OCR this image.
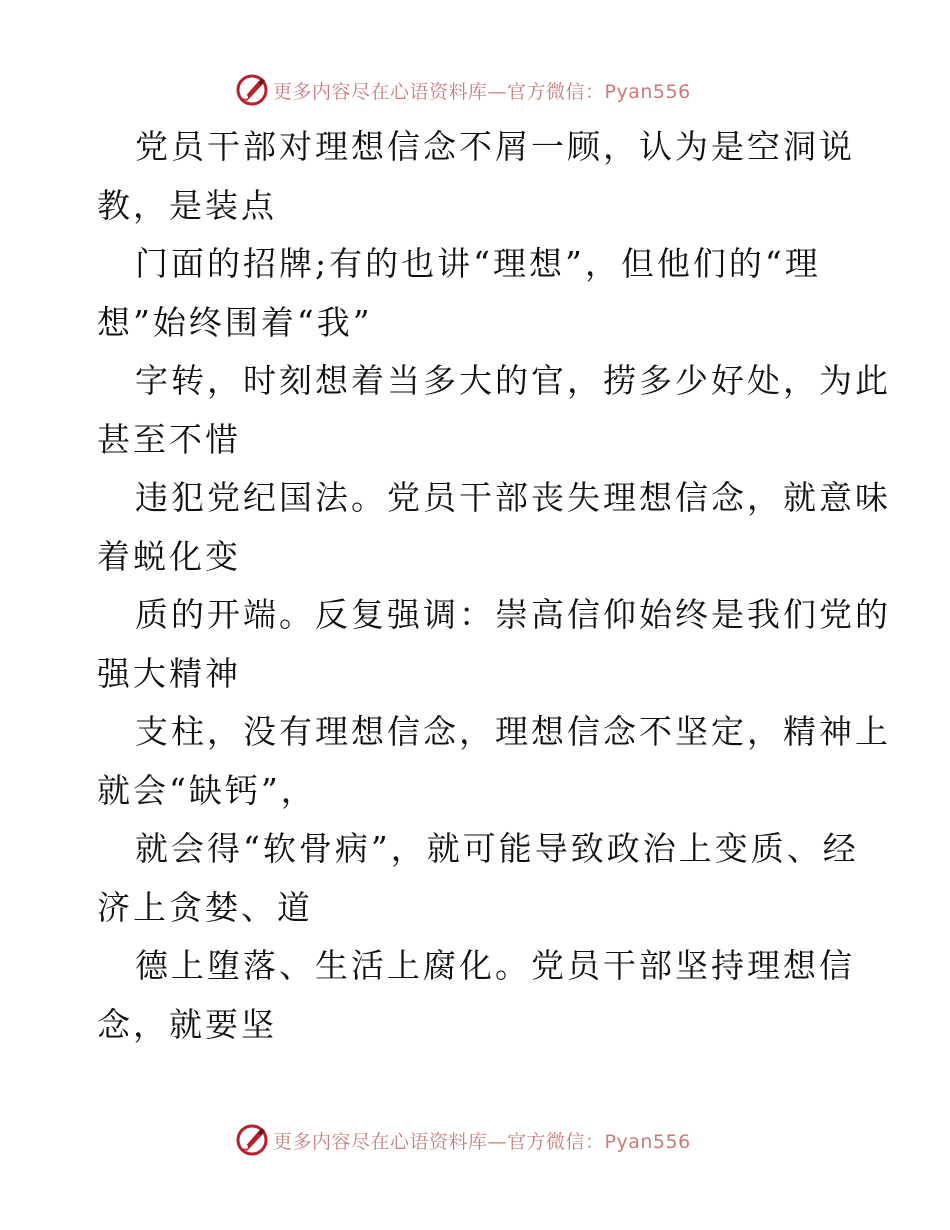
更多内容尽在心语资料库—官方微信：Pyan556
党员干部对理想信念不屑一顾，认为是空洞说
教，是装点
门面的招牌;有的也讲“理想”，但他们的“理
想”始终围着“我”
字转，时刻想着当多大的官，捞多少好处，为此
甚至不惜
违犯党纪国法。党员干部丧失理想信念，就意味
着蜕化变
质的开端。反复强调：崇高信仰始终是我们党的
强大精神
支柱，没有理想信念，理想信念不坚定，精神上
就会“缺钙”，
就会得“软骨病”，就可能导致政治上变质、经
济上贪婪、道
德上堕落、生活上腐化。党员干部坚持理想信
念，就要坚
更多内容尽在心语资料库—官方微信：Pyan556
